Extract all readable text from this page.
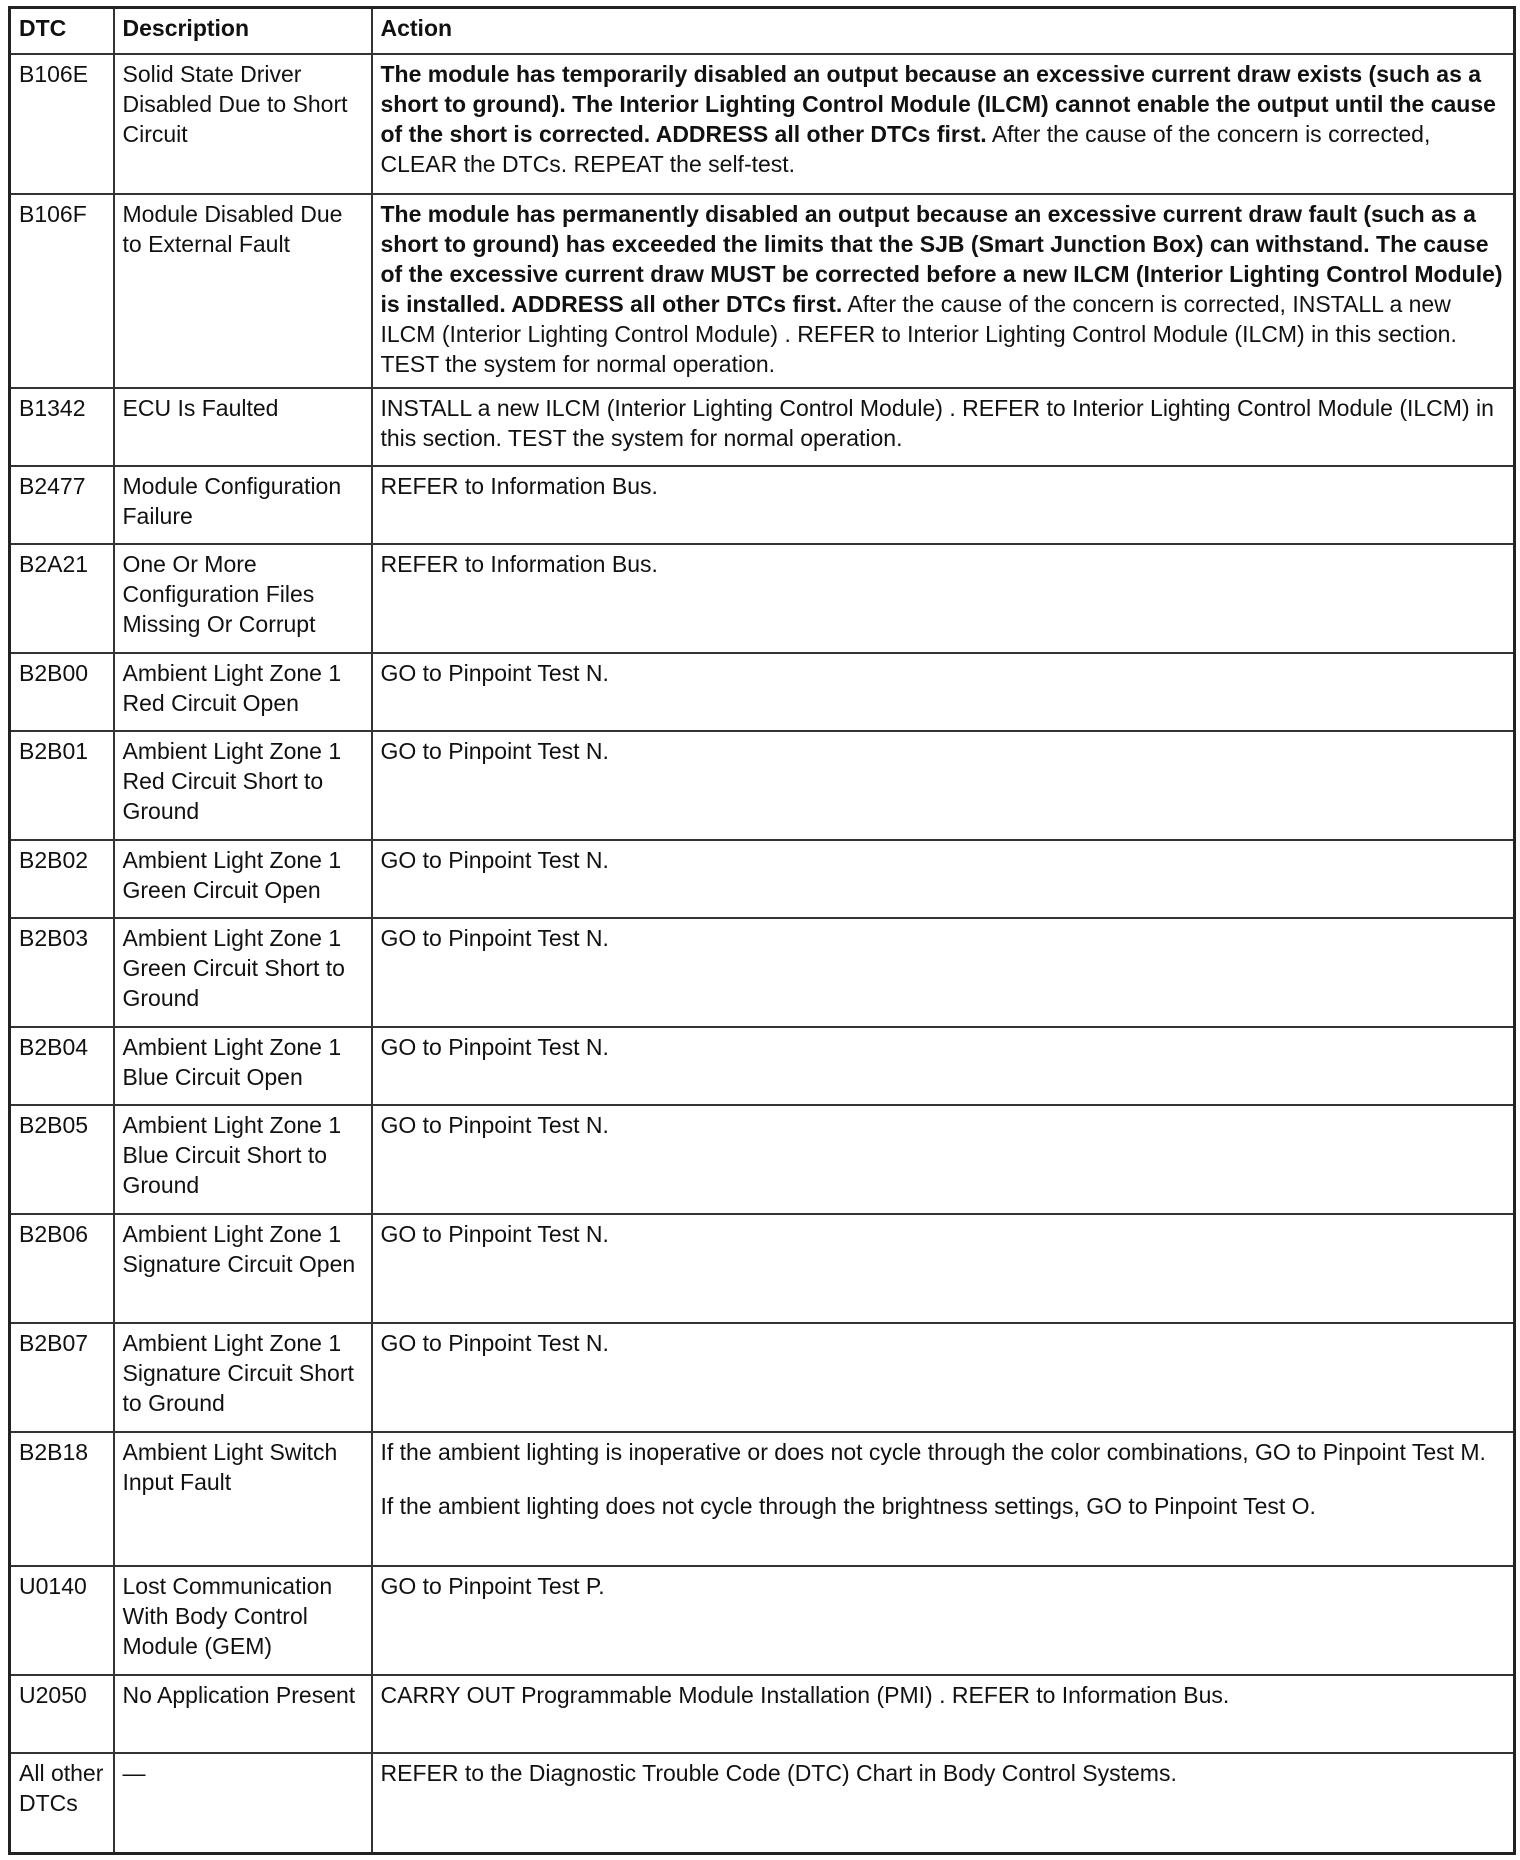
DTC	Description	Action
B106E	Solid State Driver Disabled Due to Short Circuit	The module has temporarily disabled an output because an excessive current draw exists (such as a short to ground). The Interior Lighting Control Module (ILCM) cannot enable the output until the cause of the short is corrected. ADDRESS all other DTCs first. After the cause of the concern is corrected, CLEAR the DTCs. REPEAT the self-test.
B106F	Module Disabled Due to External Fault	The module has permanently disabled an output because an excessive current draw fault (such as a short to ground) has exceeded the limits that the SJB (Smart Junction Box) can withstand. The cause of the excessive current draw MUST be corrected before a new ILCM (Interior Lighting Control Module) is installed. ADDRESS all other DTCs first. After the cause of the concern is corrected, INSTALL a new ILCM (Interior Lighting Control Module) . REFER to Interior Lighting Control Module (ILCM) in this section. TEST the system for normal operation.
B1342	ECU Is Faulted	INSTALL a new ILCM (Interior Lighting Control Module) . REFER to Interior Lighting Control Module (ILCM) in this section. TEST the system for normal operation.
B2477	Module Configuration Failure	REFER to Information Bus.
B2A21	One Or More Configuration Files Missing Or Corrupt	REFER to Information Bus.
B2B00	Ambient Light Zone 1 Red Circuit Open	GO to Pinpoint Test N.
B2B01	Ambient Light Zone 1 Red Circuit Short to Ground	GO to Pinpoint Test N.
B2B02	Ambient Light Zone 1 Green Circuit Open	GO to Pinpoint Test N.
B2B03	Ambient Light Zone 1 Green Circuit Short to Ground	GO to Pinpoint Test N.
B2B04	Ambient Light Zone 1 Blue Circuit Open	GO to Pinpoint Test N.
B2B05	Ambient Light Zone 1 Blue Circuit Short to Ground	GO to Pinpoint Test N.
B2B06	Ambient Light Zone 1 Signature Circuit Open	GO to Pinpoint Test N.
B2B07	Ambient Light Zone 1 Signature Circuit Short to Ground	GO to Pinpoint Test N.
B2B18	Ambient Light Switch Input Fault	If the ambient lighting is inoperative or does not cycle through the color combinations, GO to Pinpoint Test M.
If the ambient lighting does not cycle through the brightness settings, GO to Pinpoint Test O.

U0140	Lost Communication With Body Control Module (GEM)	GO to Pinpoint Test P.
U2050	No Application Present	CARRY OUT Programmable Module Installation (PMI) . REFER to Information Bus.
All other DTCs	—	REFER to the Diagnostic Trouble Code (DTC) Chart in Body Control Systems.
